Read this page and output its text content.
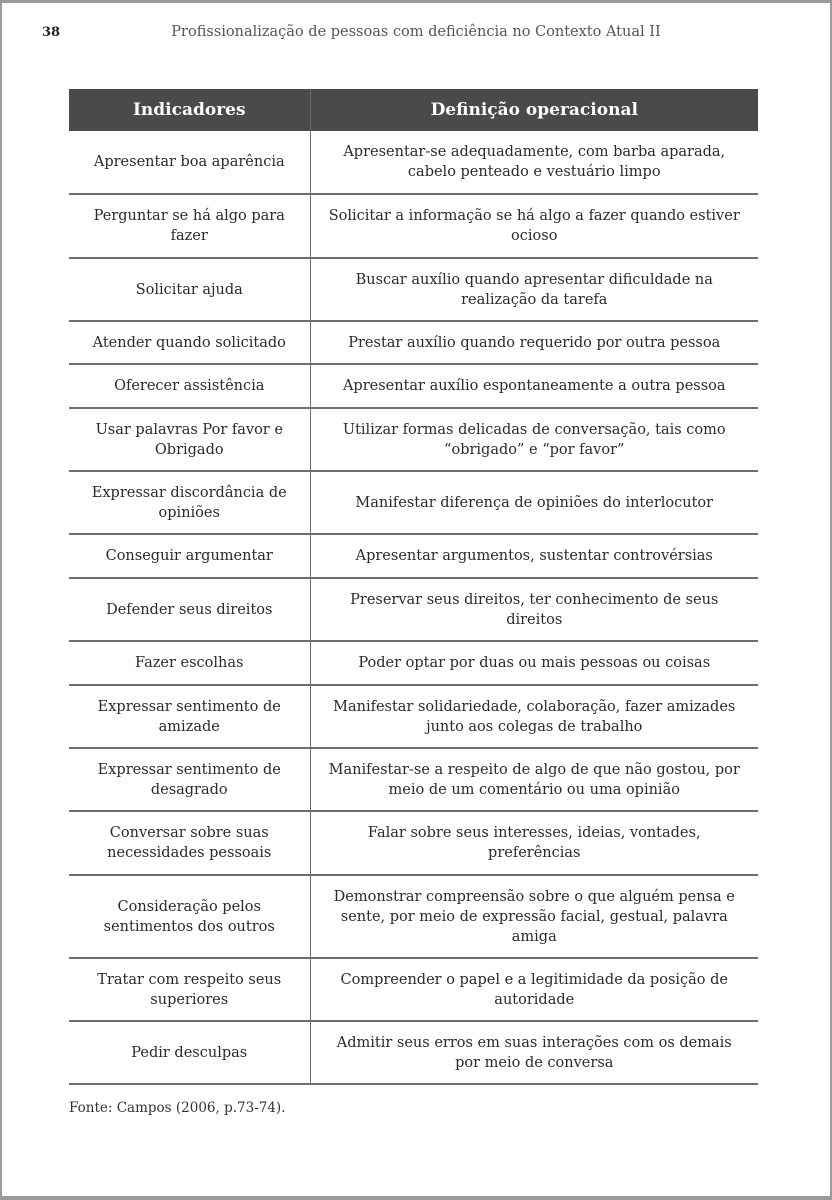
38	Profissionalização de pessoas com deficiência no Contexto Atual II
Indicadores	Definição operacional
Apresentar boa aparência	Apresentar-se adequadamente, com barba aparada, cabelo penteado e vestuário limpo
Perguntar se há algo para fazer	Solicitar a informação se há algo a fazer quando estiver ocioso
Solicitar ajuda	Buscar auxílio quando apresentar dificuldade na realização da tarefa
Atender quando solicitado	Prestar auxílio quando requerido por outra pessoa
Oferecer assistência	Apresentar auxílio espontaneamente a outra pessoa
Usar palavras Por favor e Obrigado	Utilizar formas delicadas de conversação, tais como “obrigado” e “por favor”
Expressar discordância de opiniões	Manifestar diferença de opiniões do interlocutor
Conseguir argumentar	Apresentar argumentos, sustentar controvérsias
Defender seus direitos	Preservar seus direitos, ter conhecimento de seus direitos
Fazer escolhas	Poder optar por duas ou mais pessoas ou coisas
Expressar sentimento de amizade	Manifestar solidariedade, colaboração, fazer amizades junto aos colegas de trabalho
Expressar sentimento de desagrado	Manifestar-se a respeito de algo de que não gostou, por meio de um comentário ou uma opinião
Conversar sobre suas necessidades pessoais	Falar sobre seus interesses, ideias, vontades, preferências
Consideração pelos sentimentos dos outros	Demonstrar compreensão sobre o que alguém pensa e sente, por meio de expressão facial, gestual, palavra amiga
Tratar com respeito seus superiores	Compreender o papel e a legitimidade da posição de autoridade
Pedir desculpas	Admitir seus erros em suas interações com os demais por meio de conversa
Fonte: Campos (2006, p.73-74).
